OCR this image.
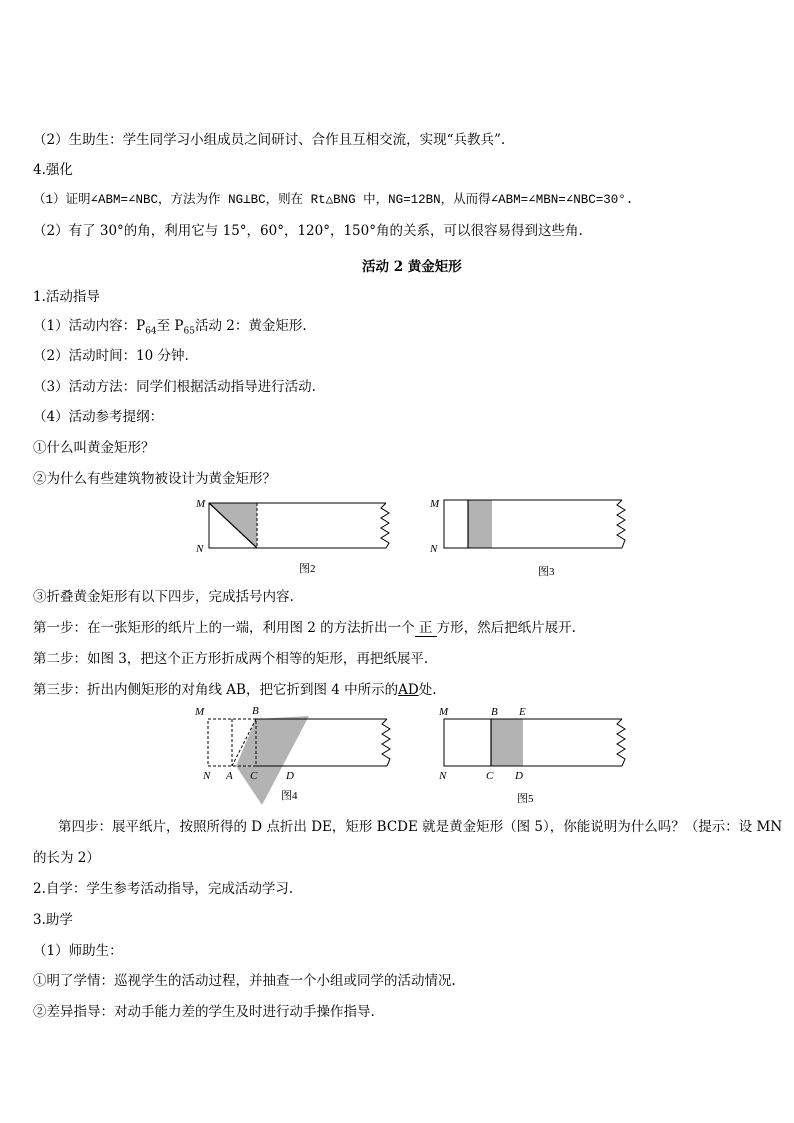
（2）生助生：学生同学习小组成员之间研讨、合作且互相交流，实现“兵教兵”.
4.强化
（1）证明∠ABM=∠NBC，方法为作 NG⊥BC，则在 Rt△BNG 中，NG=12BN，从而得∠ABM=∠MBN=∠NBC=30°.
（2）有了 30°的角，利用它与 15°，60°，120°，150°角的关系，可以很容易得到这些角.
活动 2 黄金矩形
1.活动指导
（1）活动内容：$P_{64}$至 $P_{65}$活动 2：黄金矩形.
（2）活动时间：10 分钟.
（3）活动方法：同学们根据活动指导进行活动.
（4）活动参考提纲：
①什么叫黄金矩形？
②为什么有些建筑物被设计为黄金矩形？
M
N
图2
M
N
图3
③折叠黄金矩形有以下四步，完成括号内容.
第一步：在一张矩形的纸片上的一端，利用图 2 的方法折出一个 正 方形，然后把纸片展开.
第二步：如图 3，把这个正方形折成两个相等的矩形，再把纸展平.
第三步：折出内侧矩形的对角线 AB，把它折到图 4 中所示的AD处.
M	B
N A C	D
图4
M	B E
N	C D
图5
第四步：展平纸片，按照所得的 D 点折出 DE，矩形 BCDE 就是黄金矩形（图 5），你能说明为什么吗？（提示：设 MN
的长为 2）
2.自学：学生参考活动指导，完成活动学习.
3.助学
（1）师助生：
①明了学情：巡视学生的活动过程，并抽查一个小组或同学的活动情况.
②差异指导：对动手能力差的学生及时进行动手操作指导.
